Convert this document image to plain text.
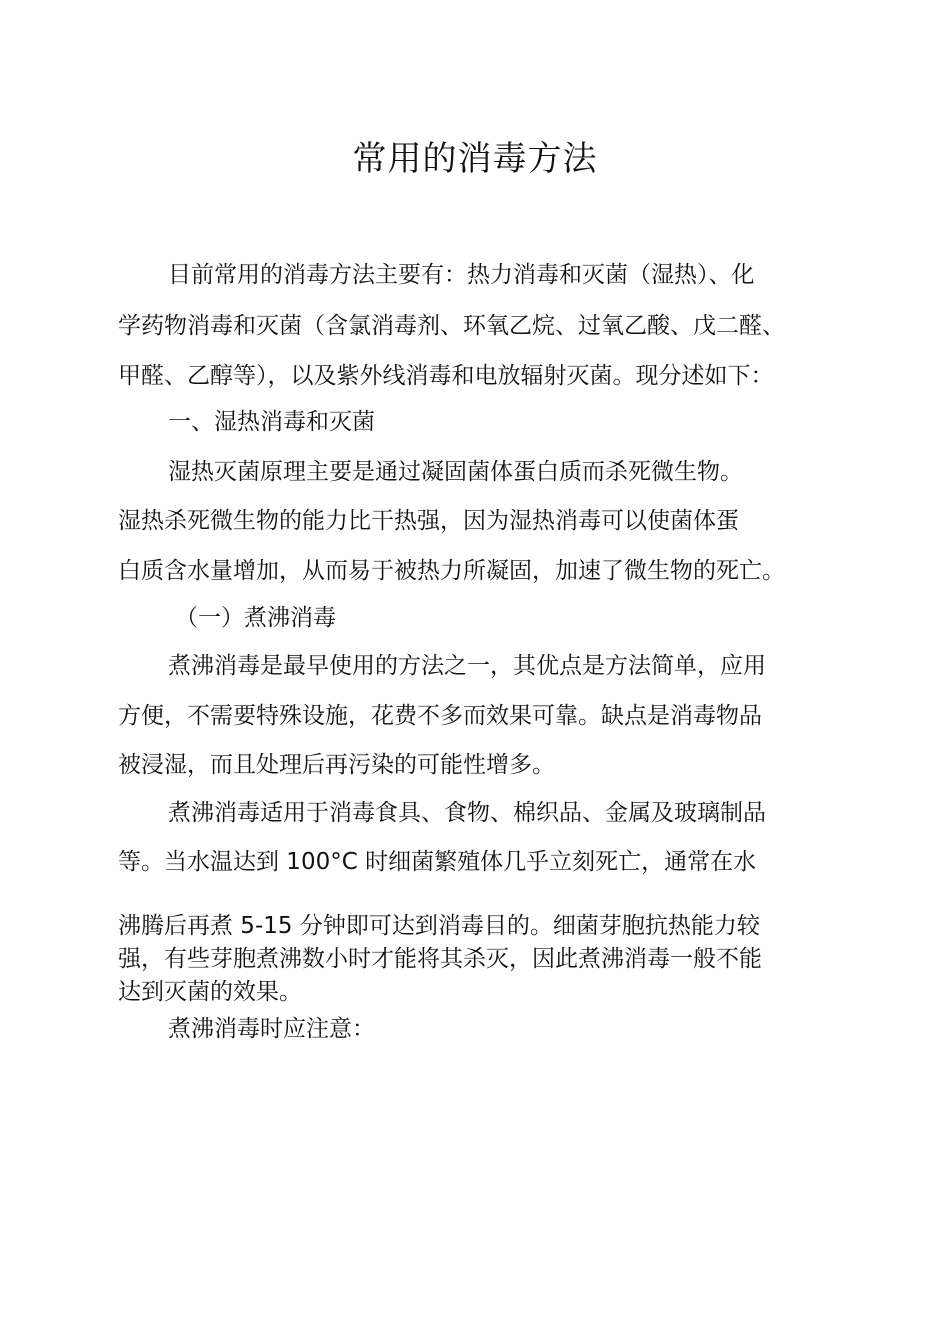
常用的消毒方法
目前常用的消毒方法主要有：热力消毒和灭菌（湿热）、化
学药物消毒和灭菌（含氯消毒剂、环氧乙烷、过氧乙酸、戊二醛、
甲醛、乙醇等），以及紫外线消毒和电放辐射灭菌。现分述如下：
一、湿热消毒和灭菌
湿热灭菌原理主要是通过凝固菌体蛋白质而杀死微生物。
湿热杀死微生物的能力比干热强，因为湿热消毒可以使菌体蛋
白质含水量增加，从而易于被热力所凝固，加速了微生物的死亡。
（一）煮沸消毒
煮沸消毒是最早使用的方法之一，其优点是方法简单，应用
方便，不需要特殊设施，花费不多而效果可靠。缺点是消毒物品
被浸湿，而且处理后再污染的可能性增多。
煮沸消毒适用于消毒食具、食物、棉织品、金属及玻璃制品
等。当水温达到 100°C 时细菌繁殖体几乎立刻死亡，通常在水
沸腾后再煮 5-15 分钟即可达到消毒目的。细菌芽胞抗热能力较
强，有些芽胞煮沸数小时才能将其杀灭，因此煮沸消毒一般不能
达到灭菌的效果。
煮沸消毒时应注意：
